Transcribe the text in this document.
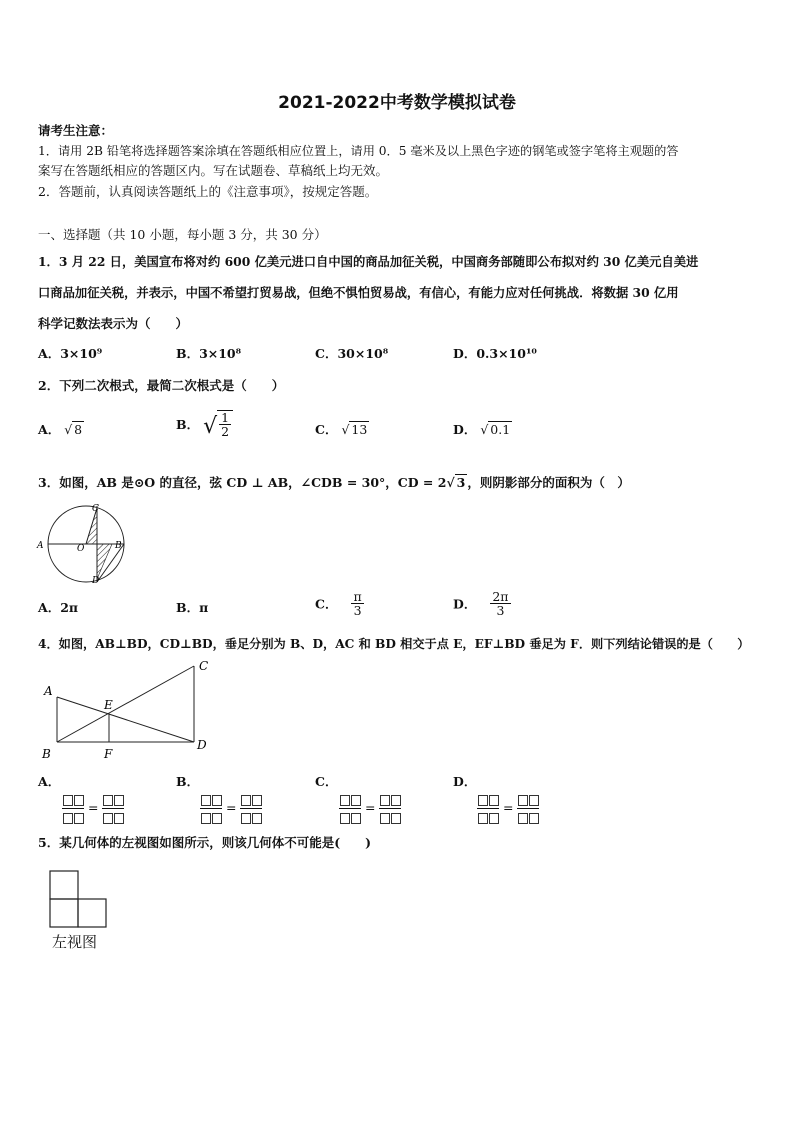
2021-2022中考数学模拟试卷
请考生注意：
1．请用 2B 铅笔将选择题答案涂填在答题纸相应位置上，请用 0．5 毫米及以上黑色字迹的钢笔或签字笔将主观题的答
案写在答题纸相应的答题区内。写在试题卷、草稿纸上均无效。
2．答题前，认真阅读答题纸上的《注意事项》，按规定答题。
一、选择题（共 10 小题，每小题 3 分，共 30 分）
1．3 月 22 日，美国宣布将对约 600 亿美元进口自中国的商品加征关税，中国商务部随即公布拟对约 30 亿美元自美进
口商品加征关税，并表示，中国不希望打贸易战，但绝不惧怕贸易战，有信心，有能力应对任何挑战．将数据 30 亿用
科学记数法表示为（　　）
A．3×10⁹	B．3×10⁸	C．30×10⁸	D．0.3×10¹⁰
2．下列二次根式，最简二次根式是（　　）
A． √ 8	B． √ $\frac{1}{2}$	C． √ 13	D． √ 0.1
3．如图，AB 是⊙O 的直径，弦 CD ⊥ AB，∠CDB = 30°，CD = 2√ 3 ，则阴影部分的面积为（　）
A	O
C
B
D
A．2π	B．π	C． $\frac{\pi}{3}$	D． $\frac{2\pi}{3}$
4．如图，AB⊥BD，CD⊥BD，垂足分别为 B、D，AC 和 BD 相交于点 E，EF⊥BD 垂足为 F．则下列结论错误的是（　　）
A
B
C
D
E
F
A．
=
B．
=
C．
=
D．
=
5．某几何体的左视图如图所示，则该几何体不可能是(　　)
左视图
